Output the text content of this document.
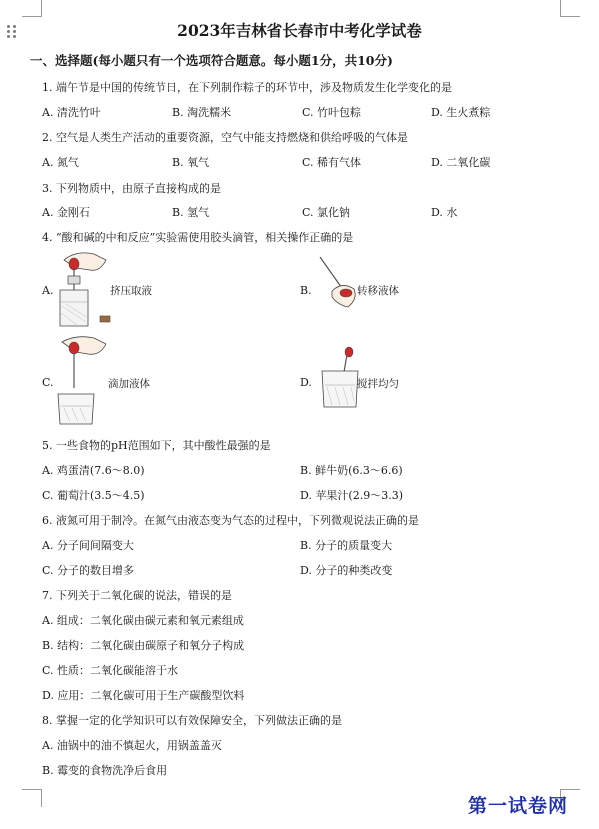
2023年吉林省长春市中考化学试卷
一、选择题(每小题只有一个选项符合题意。每小题1分，共10分)
1. 端午节是中国的传统节日，在下列制作粽子的环节中，涉及物质发生化学变化的是
A. 清洗竹叶	B. 淘洗糯米	C. 竹叶包粽	D. 生火煮粽
2. 空气是人类生产活动的重要资源，空气中能支持燃烧和供给呼吸的气体是
A. 氮气	B. 氧气	C. 稀有气体	D. 二氧化碳
3. 下列物质中，由原子直接构成的是
A. 金刚石	B. 氢气	C. 氯化钠	D. 水
4. “酸和碱的中和反应”实验需使用胶头滴管，相关操作正确的是
A.	挤压取液	B.	转移液体
C.	滴加液体	D.	搅拌均匀
5. 一些食物的pH范围如下，其中酸性最强的是
A. 鸡蛋清(7.6～8.0)	B. 鲜牛奶(6.3～6.6)
C. 葡萄汁(3.5～4.5)	D. 苹果汁(2.9～3.3)
6. 液氮可用于制冷。在氮气由液态变为气态的过程中，下列微观说法正确的是
A. 分子间间隔变大	B. 分子的质量变大
C. 分子的数目增多	D. 分子的种类改变
7. 下列关于二氧化碳的说法，错误的是
A. 组成：二氧化碳由碳元素和氧元素组成
B. 结构：二氧化碳由碳原子和氧分子构成
C. 性质：二氧化碳能溶于水
D. 应用：二氧化碳可用于生产碳酸型饮料
8. 掌握一定的化学知识可以有效保障安全，下列做法正确的是
A. 油锅中的油不慎起火，用锅盖盖灭
B. 霉变的食物洗净后食用
第一试卷网
